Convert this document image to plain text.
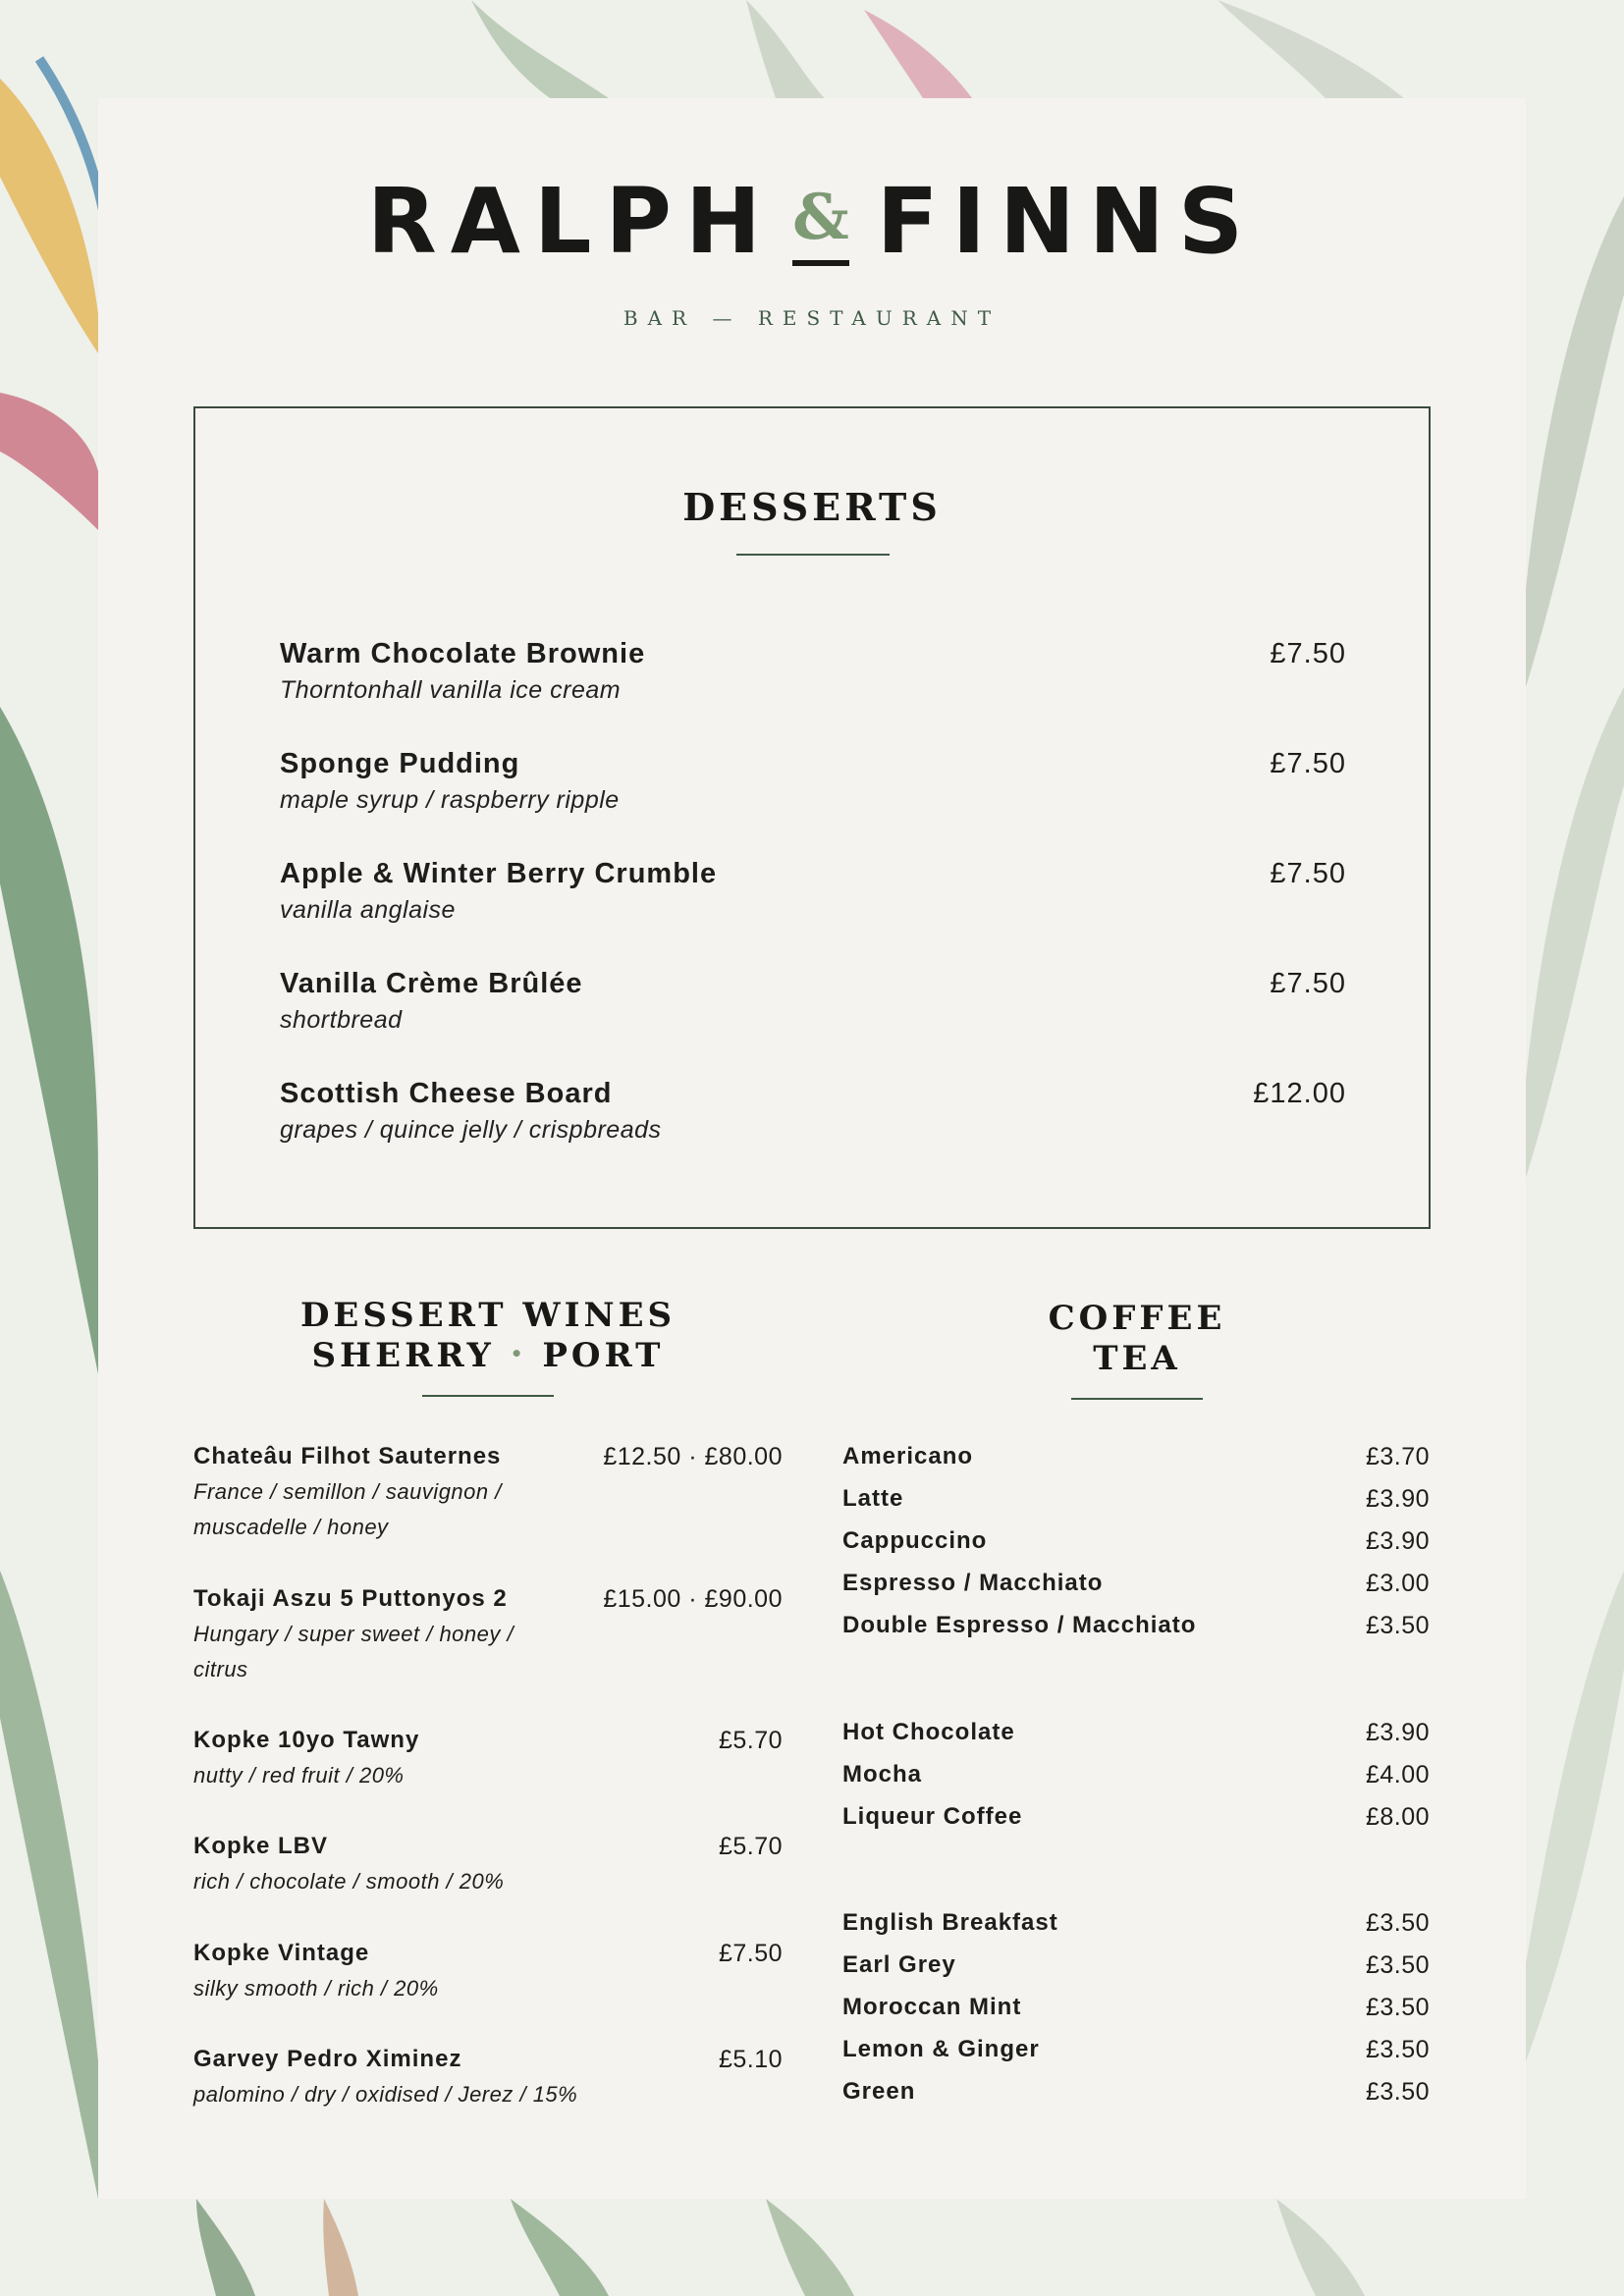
RALPH & FINNS
BAR — RESTAURANT
DESSERTS
Warm Chocolate Brownie
Thorntonhall vanilla ice cream
£7.50
Sponge Pudding
maple syrup / raspberry ripple
£7.50
Apple & Winter Berry Crumble
vanilla anglaise
£7.50
Vanilla Crème Brûlée
shortbread
£7.50
Scottish Cheese Board
grapes / quince jelly / crispbreads
£12.00
DESSERT WINES
SHERRY • PORT
Chateâu Filhot Sauternes
France / semillon / sauvignon / muscadelle / honey
£12.50 · £80.00
Tokaji Aszu 5 Puttonyos 2
Hungary / super sweet / honey / citrus
£15.00 · £90.00
Kopke 10yo Tawny
nutty / red fruit / 20%
£5.70
Kopke LBV
rich / chocolate / smooth / 20%
£5.70
Kopke Vintage
silky smooth / rich / 20%
£7.50
Garvey Pedro Ximinez
palomino / dry / oxidised / Jerez / 15%
£5.10
COFFEE
TEA
Americano	£3.70
Latte	£3.90
Cappuccino	£3.90
Espresso / Macchiato	£3.00
Double Espresso / Macchiato	£3.50
Hot Chocolate	£3.90
Mocha	£4.00
Liqueur Coffee	£8.00
English Breakfast	£3.50
Earl Grey	£3.50
Moroccan Mint	£3.50
Lemon & Ginger	£3.50
Green	£3.50
